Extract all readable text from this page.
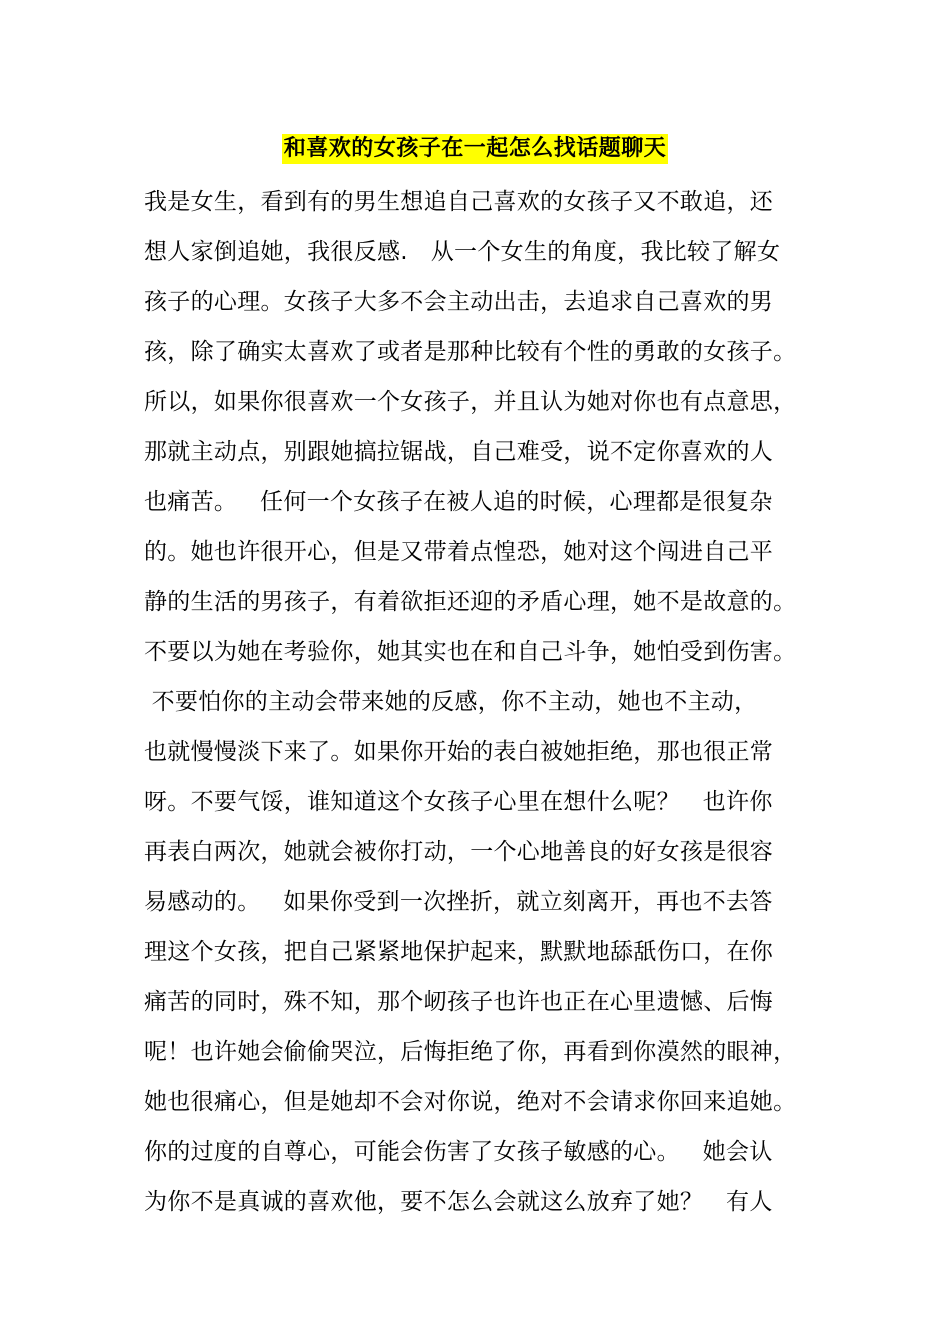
和喜欢的女孩子在一起怎么找话题聊天
我是女生，看到有的男生想追自己喜欢的女孩子又不敢追，还
想人家倒追她，我很反感.   从一个女生的角度，我比较了解女
孩子的心理。女孩子大多不会主动出击，去追求自己喜欢的男
孩，除了确实太喜欢了或者是那种比较有个性的勇敢的女孩子。
所以，如果你很喜欢一个女孩子，并且认为她对你也有点意思，
那就主动点，别跟她搞拉锯战，自己难受，说不定你喜欢的人
也痛苦。   任何一个女孩子在被人追的时候，心理都是很复杂
的。她也许很开心，但是又带着点惶恐，她对这个闯进自己平
静的生活的男孩子，有着欲拒还迎的矛盾心理，她不是故意的。
不要以为她在考验你，她其实也在和自己斗争，她怕受到伤害。
不要怕你的主动会带来她的反感，你不主动，她也不主动，
也就慢慢淡下来了。如果你开始的表白被她拒绝，那也很正常
呀。不要气馁，谁知道这个女孩子心里在想什么呢？   也许你
再表白两次，她就会被你打动，一个心地善良的好女孩是很容
易感动的。   如果你受到一次挫折，就立刻离开，再也不去答
理这个女孩，把自己紧紧地保护起来，默默地舔舐伤口，在你
痛苦的同时，殊不知，那个屻孩子也许也正在心里遗憾、后悔
呢！也许她会偷偷哭泣，后悔拒绝了你，再看到你漠然的眼神，
她也很痛心，但是她却不会对你说，绝对不会请求你回来追她。
你的过度的自尊心，可能会伤害了女孩子敏感的心。   她会认
为你不是真诚的喜欢他，要不怎么会就这么放弃了她？   有人
